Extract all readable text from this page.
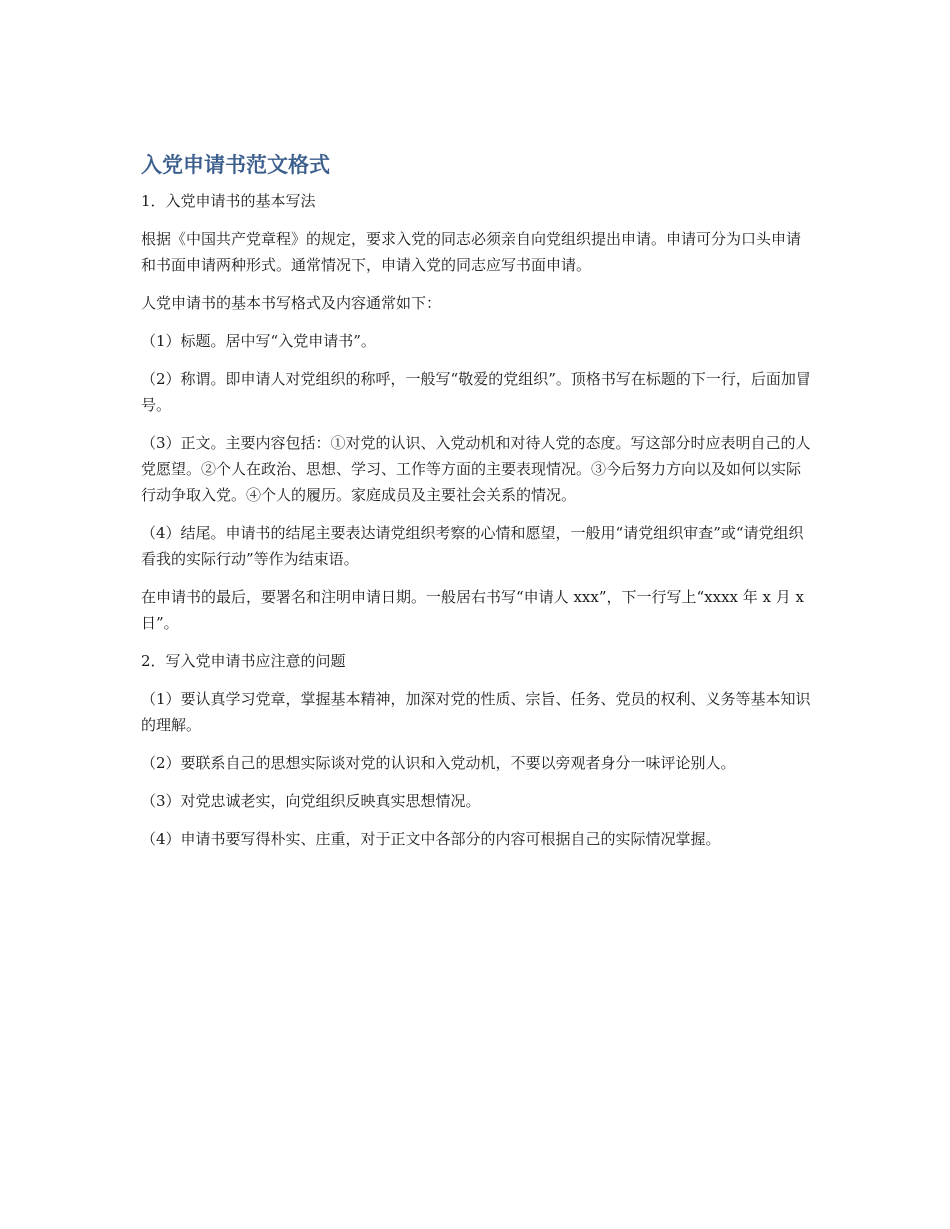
入党申请书范文格式
1．入党申请书的基本写法

根据《中国共产党章程》的规定，要求入党的同志必须亲自向党组织提出申请。申请可分为口头申请和书面申请两种形式。通常情况下，申请入党的同志应写书面申请。

人党申请书的基本书写格式及内容通常如下：

（1）标题。居中写“入党申请书”。

（2）称谓。即申请人对党组织的称呼，一般写“敬爱的党组织”。顶格书写在标题的下一行，后面加冒号。

（3）正文。主要内容包括：①对党的认识、入党动机和对待人党的态度。写这部分时应表明自己的人党愿望。②个人在政治、思想、学习、工作等方面的主要表现情况。③今后努力方向以及如何以实际行动争取入党。④个人的履历。家庭成员及主要社会关系的情况。

（4）结尾。申请书的结尾主要表达请党组织考察的心情和愿望，一般用“请党组织审查”或“请党组织看我的实际行动”等作为结束语。

在申请书的最后，要署名和注明申请日期。一般居右书写“申请人 xxx”，下一行写上“xxxx 年 x 月 x 日”。

2．写入党申请书应注意的问题

（1）要认真学习党章，掌握基本精神，加深对党的性质、宗旨、任务、党员的权利、义务等基本知识的理解。

（2）要联系自己的思想实际谈对党的认识和入党动机，不要以旁观者身分一味评论别人。

（3）对党忠诚老实，向党组织反映真实思想情况。

（4）申请书要写得朴实、庄重，对于正文中各部分的内容可根据自己的实际情况掌握。
